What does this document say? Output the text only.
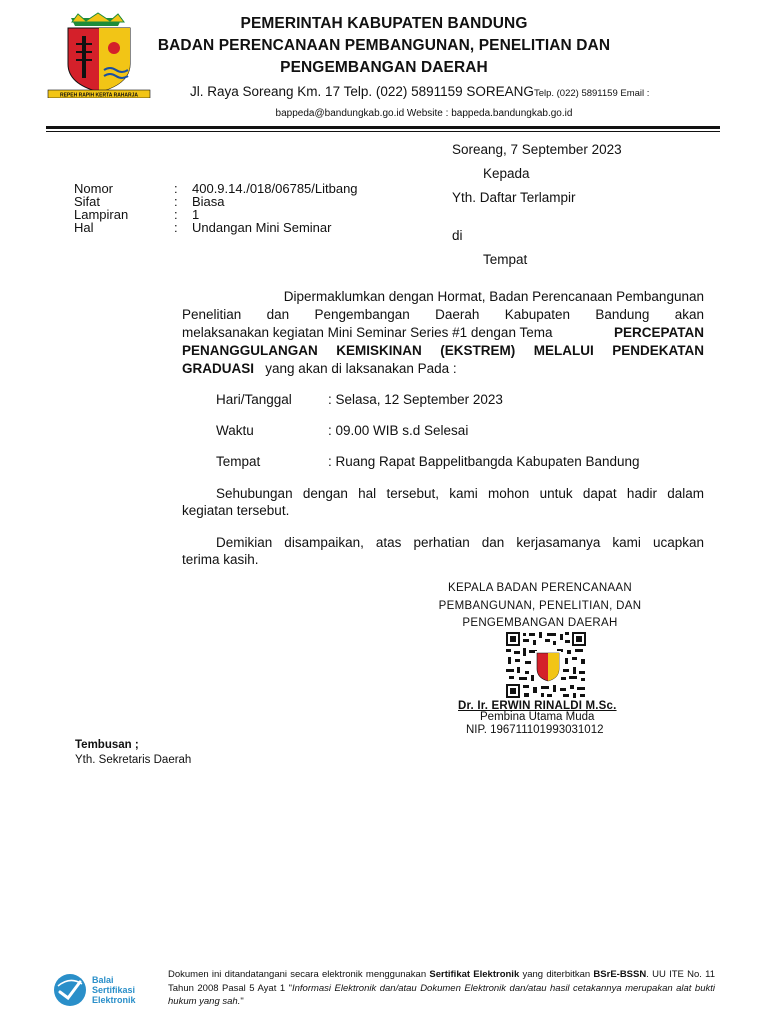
REPEH RAPIH KERTA RAHARJA
PEMERINTAH KABUPATEN BANDUNG
BADAN PERENCANAAN PEMBANGUNAN, PENELITIAN DAN
PENGEMBANGAN DAERAH
Jl. Raya Soreang Km. 17 Telp. (022) 5891159 SOREANGTelp. (022) 5891159 Email :
bappeda@bandungkab.go.id Website : bappeda.bandungkab.go.id
Nomor	:	400.9.14./018/06785/Litbang
Sifat	:	Biasa
Lampiran	:	1
Hal	:	Undangan Mini Seminar
Soreang, 7 September 2023
Kepada
Yth. Daftar Terlampir
di
Tempat
Dipermaklumkan dengan Hormat, Badan Perencanaan Pembangunan
Penelitian dan Pengembangan Daerah Kabupaten Bandung akan
melaksanakan kegiatan Mini Seminar Series #1 dengan Tema	PERCEPATAN
PENANGGULANGAN KEMISKINAN (EKSTREM) MELALUI PENDEKATAN
GRADUASI yang akan di laksanakan Pada :
Hari/Tanggal	: Selasa, 12 September 2023
Waktu	: 09.00 WIB s.d Selesai
Tempat	: Ruang Rapat Bappelitbangda Kabupaten Bandung
Sehubungan dengan hal tersebut, kami mohon untuk dapat hadir dalam
kegiatan tersebut.
Demikian disampaikan, atas perhatian dan kerjasamanya kami ucapkan
terima kasih.
KEPALA BADAN PERENCANAAN
PEMBANGUNAN, PENELITIAN, DAN
PENGEMBANGAN DAERAH
Dr. Ir. ERWIN RINALDI M.Sc.
Pembina Utama Muda
NIP. 196711101993031012
Tembusan ;
Yth. Sekretaris Daerah
Balai
Sertifikasi
Elektronik
Dokumen ini ditandatangani secara elektronik menggunakan Sertifikat Elektronik yang diterbitkan BSrE-BSSN. UU ITE No. 11 Tahun 2008 Pasal 5 Ayat 1 "Informasi Elektronik dan/atau Dokumen Elektronik dan/atau hasil cetakannya merupakan alat bukti hukum yang sah."
